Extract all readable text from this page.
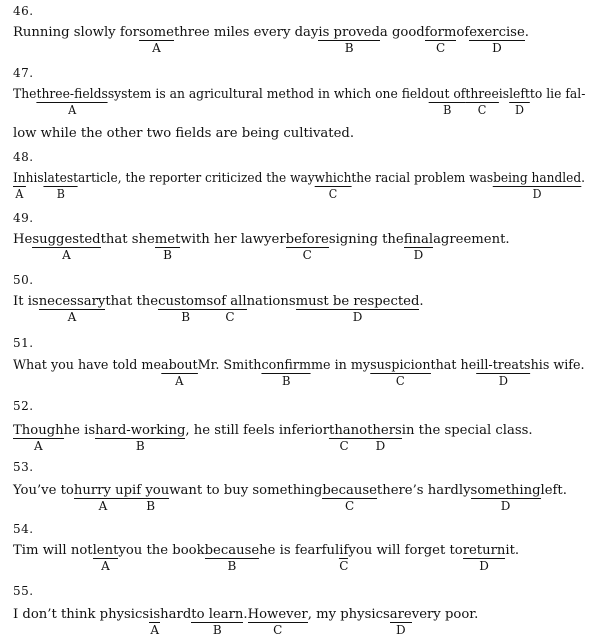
46.
Running slowly forsome
A
three miles every dayis proved
B
a goodform
C
ofexercise
D
.
47.
Thethree-fields
A
system is an agricultural method in which one fieldout of
B
three
C
isleft
D
to lie fal-
low while the other two fields are being cultivated.
48.
In
A
hislatest
B
article, the reporter criticized the waywhich
C
the racial problem wasbeing handled
D
.
49.
Hesuggested
A
that shemet
B
with her lawyerbefore
C
signing thefinal
D
agreement.
50.
It isnecessary
A
that thecustoms
B
of all
C
nationsmust be respected
D
.
51.
What you have told meabout
A
Mr. Smithconfirm
B
me in mysuspicion
C
that heill-treats
D
his wife.
52.
Though
A
he ishard-working
B
, he still feels inferiorthan
C
others
D
in the special class.
53.
You’ve tohurry up
A
if you
B
want to buy somethingbecause
C
there’s hardlysomething
D
left.
54.
Tim will notlent
A
you the bookbecause
B
he is fearfulif
C
you will forget toreturn
D
it.
55.
I don’t think physicsis
A
hardto learn
B
.However
C
, my physicsare
D
very poor.
